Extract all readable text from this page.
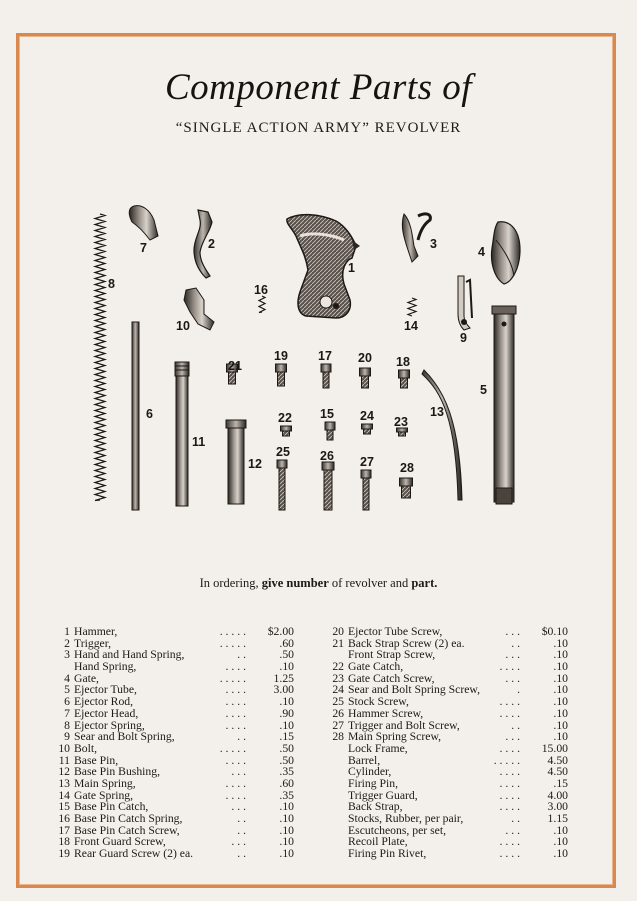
Component Parts of
“SINGLE ACTION ARMY” REVOLVER
1
2	3
4
5
6
7
8
9
10
11
12
13
14
15
16
17	18
19	20
21
22	23
24
25 26 27 28
In ordering, give number of revolver and part.
1 Hammer,	. . . . .	$2.00
2 Trigger,	. . . . .	.60
3 Hand and Hand Spring,	. .	.50
Hand Spring,	. . . .	.10
4 Gate,	. . . . .	1.25
5 Ejector Tube,	. . . .	3.00
6 Ejector Rod,	. . . .	.10
7 Ejector Head,	. . . .	.90
8 Ejector Spring,	. . . .	.10
9 Sear and Bolt Spring,	. .	.15
10 Bolt,	. . . . .	.50
11 Base Pin,	. . . .	.50
12 Base Pin Bushing,	. . .	.35
13 Main Spring,	. . . .	.60
14 Gate Spring,	. . . .	.35
15 Base Pin Catch,	. . .	.10
16 Base Pin Catch Spring,	. .	.10
17 Base Pin Catch Screw,	. .	.10
18 Front Guard Screw,	. . .	.10
19 Rear Guard Screw (2) ea.	. .	.10
20 Ejector Tube Screw,	. . .	$0.10
21 Back Strap Screw (2) ea.	. .	.10
Front Strap Screw,	. . .	.10
22 Gate Catch,	. . . .	.10
23 Gate Catch Screw,	. . .	.10
24 Sear and Bolt Spring Screw,	.	.10
25 Stock Screw,	. . . .	.10
26 Hammer Screw,	. . . .	.10
27 Trigger and Bolt Screw,	. .	.10
28 Main Spring Screw,	. . .	.10
Lock Frame,	. . . .	15.00
Barrel,	. . . . .	4.50
Cylinder,	. . . .	4.50
Firing Pin,	. . . .	.15
Trigger Guard,	. . . .	4.00
Back Strap,	. . . .	3.00
Stocks, Rubber, per pair,	. .	1.15
Escutcheons, per set,	. . .	.10
Recoil Plate,	. . . .	.10
Firing Pin Rivet,	. . . .	.10
